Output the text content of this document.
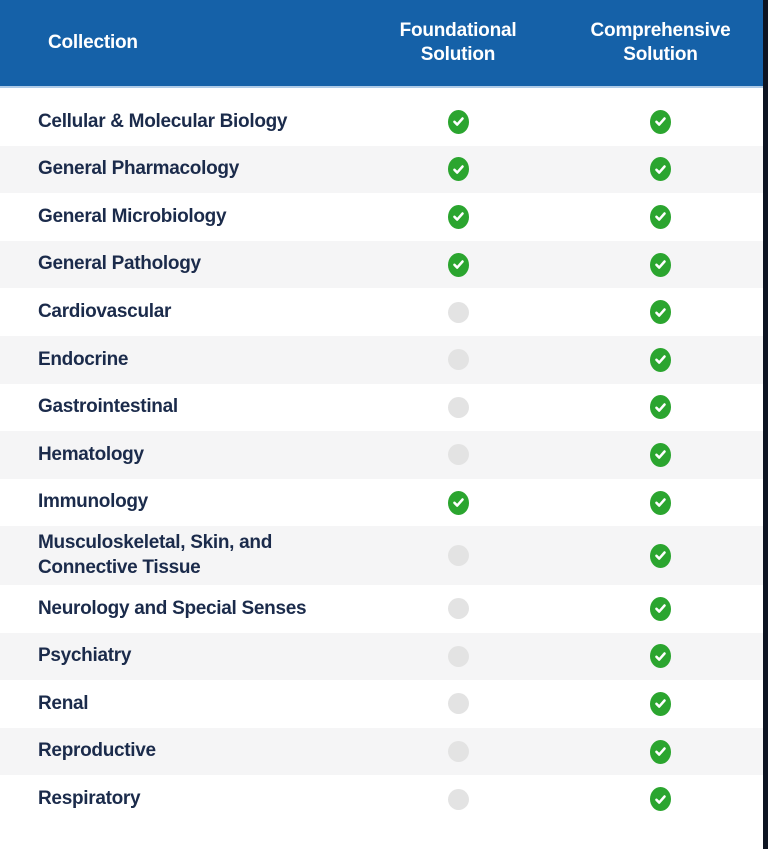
Collection
Foundational Solution
Comprehensive Solution
Cellular & Molecular Biology
General Pharmacology
General Microbiology
General Pathology
Cardiovascular
Endocrine
Gastrointestinal
Hematology
Immunology
Musculoskeletal, Skin, and Connective Tissue
Neurology and Special Senses
Psychiatry
Renal
Reproductive
Respiratory
